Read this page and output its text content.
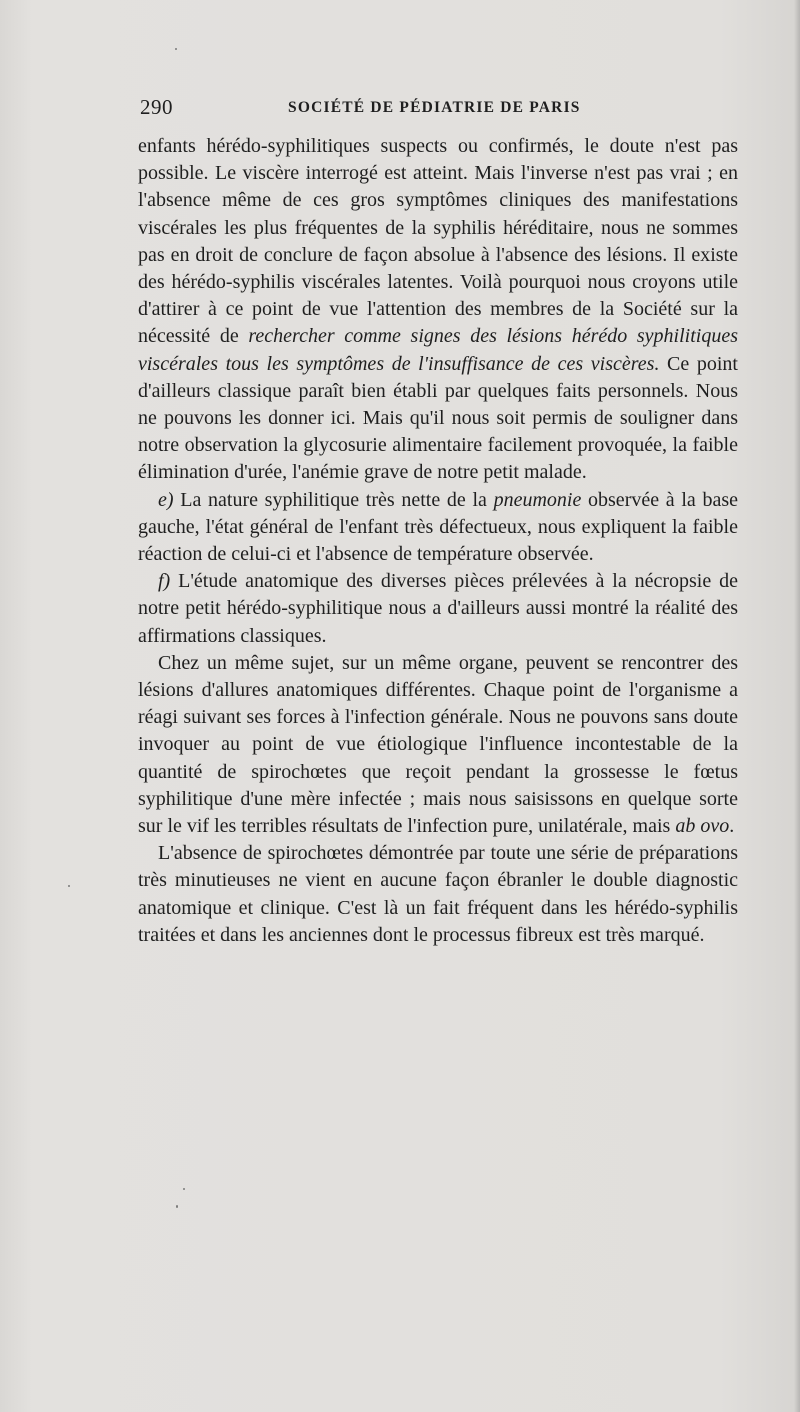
290	SOCIÉTÉ DE PÉDIATRIE DE PARIS

enfants hérédo-syphilitiques suspects ou confirmés, le doute n'est pas possible. Le viscère interrogé est atteint. Mais l'inverse n'est pas vrai ; en l'absence même de ces gros symptômes cliniques des manifestations viscérales les plus fréquentes de la syphilis héréditaire, nous ne sommes pas en droit de conclure de façon absolue à l'absence des lésions. Il existe des hérédo-syphilis viscérales latentes. Voilà pourquoi nous croyons utile d'attirer à ce point de vue l'attention des membres de la Société sur la nécessité de rechercher comme signes des lésions hérédo syphilitiques viscérales tous les symptômes de l'insuffisance de ces viscères. Ce point d'ailleurs classique paraît bien établi par quelques faits personnels. Nous ne pouvons les donner ici. Mais qu'il nous soit permis de souligner dans notre observation la glycosurie alimentaire facilement provoquée, la faible élimination d'urée, l'anémie grave de notre petit malade.

e) La nature syphilitique très nette de la pneumonie observée à la base gauche, l'état général de l'enfant très défectueux, nous expliquent la faible réaction de celui-ci et l'absence de température observée.

f) L'étude anatomique des diverses pièces prélevées à la nécropsie de notre petit hérédo-syphilitique nous a d'ailleurs aussi montré la réalité des affirmations classiques.

Chez un même sujet, sur un même organe, peuvent se rencontrer des lésions d'allures anatomiques différentes. Chaque point de l'organisme a réagi suivant ses forces à l'infection générale. Nous ne pouvons sans doute invoquer au point de vue étiologique l'influence incontestable de la quantité de spirochœtes que reçoit pendant la grossesse le fœtus syphilitique d'une mère infectée ; mais nous saisissons en quelque sorte sur le vif les terribles résultats de l'infection pure, unilatérale, mais ab ovo.

L'absence de spirochœtes démontrée par toute une série de préparations très minutieuses ne vient en aucune façon ébranler le double diagnostic anatomique et clinique. C'est là un fait fréquent dans les hérédo-syphilis traitées et dans les anciennes dont le processus fibreux est très marqué.
